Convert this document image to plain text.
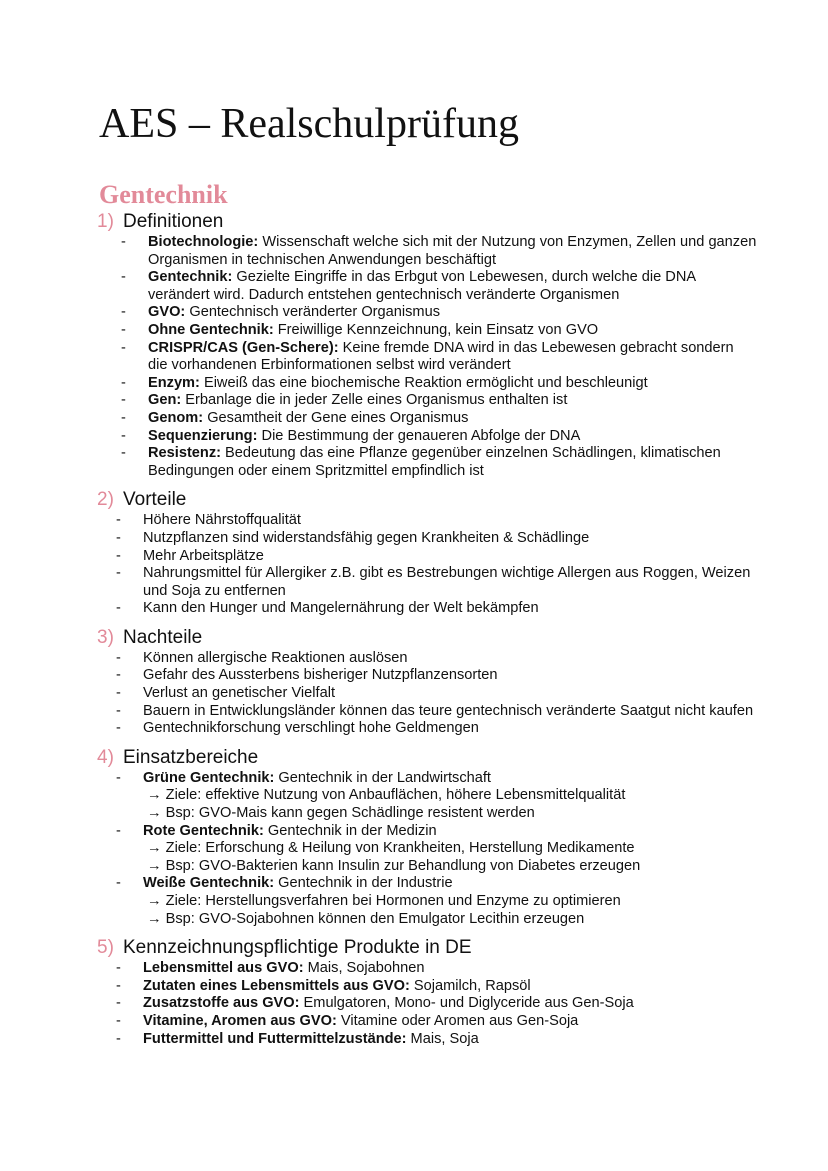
AES – Realschulprüfung
Gentechnik
1) Definitionen
- Biotechnologie: Wissenschaft welche sich mit der Nutzung von Enzymen, Zellen und ganzen Organismen in technischen Anwendungen beschäftigt
- Gentechnik: Gezielte Eingriffe in das Erbgut von Lebewesen, durch welche die DNA verändert wird. Dadurch entstehen gentechnisch veränderte Organismen
- GVO: Gentechnisch veränderter Organismus
- Ohne Gentechnik: Freiwillige Kennzeichnung, kein Einsatz von GVO
- CRISPR/CAS (Gen-Schere): Keine fremde DNA wird in das Lebewesen gebracht sondern die vorhandenen Erbinformationen selbst wird verändert
- Enzym: Eiweiß das eine biochemische Reaktion ermöglicht und beschleunigt
- Gen: Erbanlage die in jeder Zelle eines Organismus enthalten ist
- Genom: Gesamtheit der Gene eines Organismus
- Sequenzierung: Die Bestimmung der genaueren Abfolge der DNA
- Resistenz: Bedeutung das eine Pflanze gegenüber einzelnen Schädlingen, klimatischen Bedingungen oder einem Spritzmittel empfindlich ist
2) Vorteile
- Höhere Nährstoffqualität
- Nutzpflanzen sind widerstandsfähig gegen Krankheiten & Schädlinge
- Mehr Arbeitsplätze
- Nahrungsmittel für Allergiker z.B. gibt es Bestrebungen wichtige Allergen aus Roggen, Weizen und Soja zu entfernen
- Kann den Hunger und Mangelernährung der Welt bekämpfen
3) Nachteile
- Können allergische Reaktionen auslösen
- Gefahr des Aussterbens bisheriger Nutzpflanzensorten
- Verlust an genetischer Vielfalt
- Bauern in Entwicklungsländer können das teure gentechnisch veränderte Saatgut nicht kaufen
- Gentechnikforschung verschlingt hohe Geldmengen
4) Einsatzbereiche
- Grüne Gentechnik: Gentechnik in der Landwirtschaft
→ Ziele: effektive Nutzung von Anbauflächen, höhere Lebensmittelqualität
→ Bsp: GVO-Mais kann gegen Schädlinge resistent werden
- Rote Gentechnik: Gentechnik in der Medizin
→ Ziele: Erforschung & Heilung von Krankheiten, Herstellung Medikamente
→ Bsp: GVO-Bakterien kann Insulin zur Behandlung von Diabetes erzeugen
- Weiße Gentechnik: Gentechnik in der Industrie
→ Ziele: Herstellungsverfahren bei Hormonen und Enzyme zu optimieren
→ Bsp: GVO-Sojabohnen können den Emulgator Lecithin erzeugen
5) Kennzeichnungspflichtige Produkte in DE
- Lebensmittel aus GVO: Mais, Sojabohnen
- Zutaten eines Lebensmittels aus GVO: Sojamilch, Rapsöl
- Zusatzstoffe aus GVO: Emulgatoren, Mono- und Diglyceride aus Gen-Soja
- Vitamine, Aromen aus GVO: Vitamine oder Aromen aus Gen-Soja
- Futtermittel und Futtermittelzustände: Mais, Soja
